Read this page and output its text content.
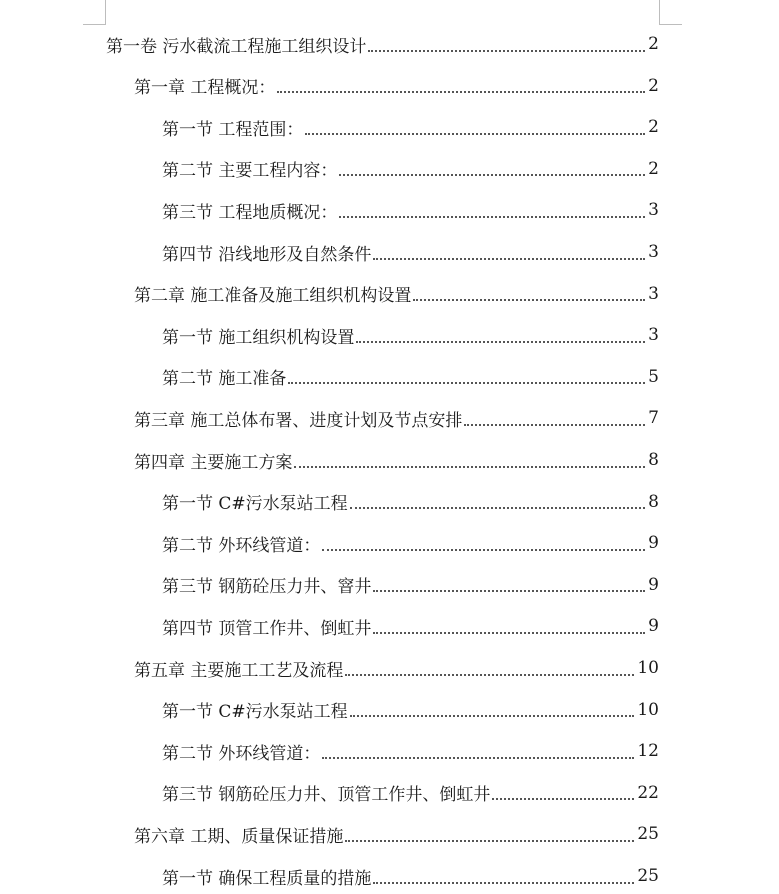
第一卷 污水截流工程施工组织设计	2
第一章 工程概况：	2
第一节 工程范围：	2
第二节 主要工程内容：	2
第三节 工程地质概况：	3
第四节 沿线地形及自然条件	3
第二章 施工准备及施工组织机构设置	3
第一节 施工组织机构设置	3
第二节 施工准备	5
第三章 施工总体布署、进度计划及节点安排	7
第四章 主要施工方案	8
第一节 C#污水泵站工程	8
第二节 外环线管道：	9
第三节 钢筋砼压力井、窨井	9
第四节 顶管工作井、倒虹井	9
第五章 主要施工工艺及流程	10
第一节 C#污水泵站工程	10
第二节 外环线管道：	12
第三节 钢筋砼压力井、顶管工作井、倒虹井	22
第六章 工期、质量保证措施	25
第一节 确保工程质量的措施	25
